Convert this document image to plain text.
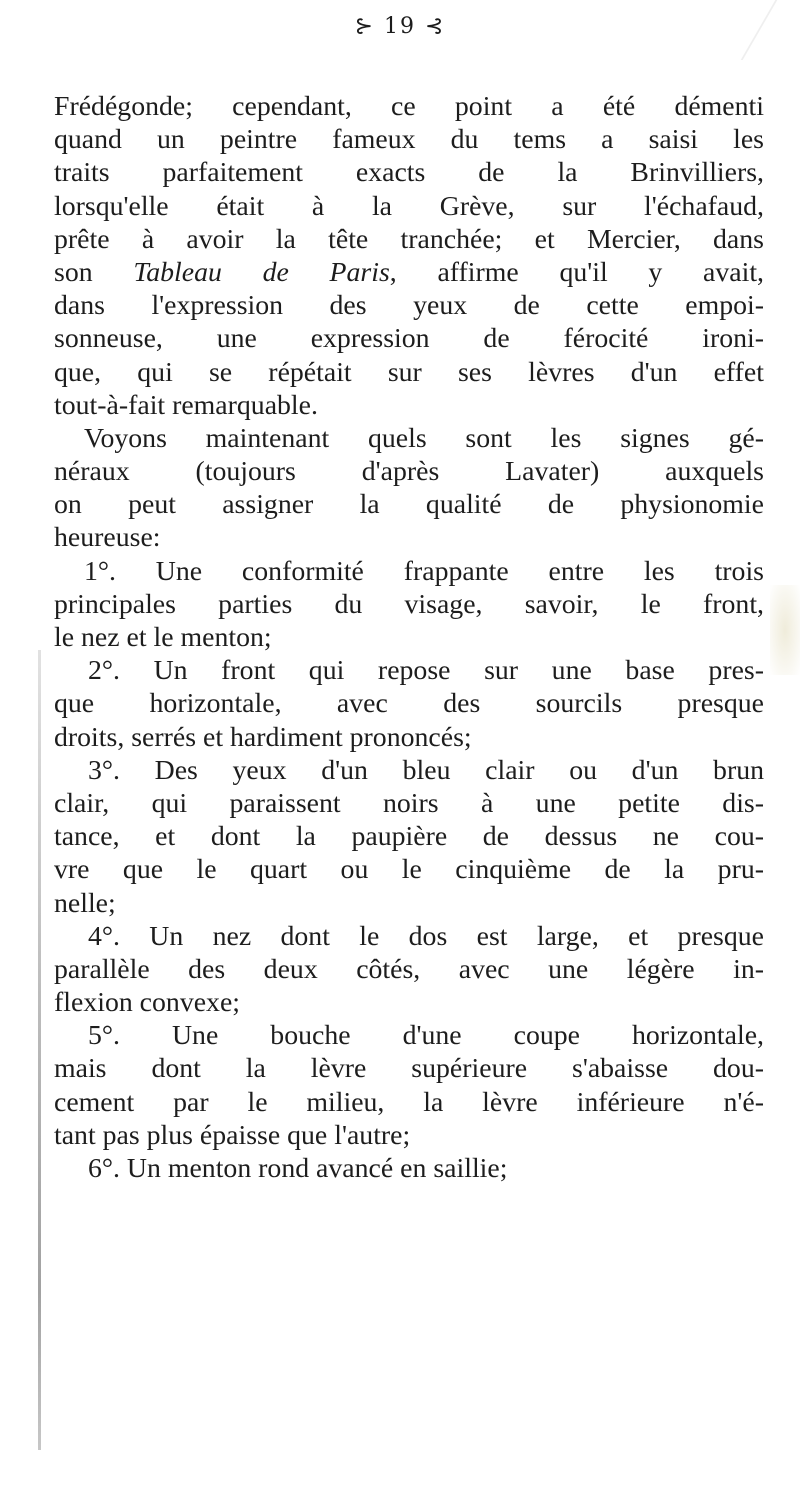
⊱ 19 ⊰
Frédégonde; cependant, ce point a été démenti
quand un peintre fameux du tems a saisi les
traits parfaitement exacts de la Brinvilliers,
lorsqu'elle était à la Grève, sur l'échafaud,
prête à avoir la tête tranchée; et Mercier, dans
son Tableau de Paris, affirme qu'il y avait,
dans l'expression des yeux de cette empoi-
sonneuse, une expression de férocité ironi-
que, qui se répétait sur ses lèvres d'un effet
tout-à-fait remarquable.
Voyons maintenant quels sont les signes gé-
néraux (toujours d'après Lavater) auxquels
on peut assigner la qualité de physionomie
heureuse:
1°. Une conformité frappante entre les trois
principales parties du visage, savoir, le front,
le nez et le menton;
2°. Un front qui repose sur une base pres-
que horizontale, avec des sourcils presque
droits, serrés et hardiment prononcés;
3°. Des yeux d'un bleu clair ou d'un brun
clair, qui paraissent noirs à une petite dis-
tance, et dont la paupière de dessus ne cou-
vre que le quart ou le cinquième de la pru-
nelle;
4°. Un nez dont le dos est large, et presque
parallèle des deux côtés, avec une légère in-
flexion convexe;
5°. Une bouche d'une coupe horizontale,
mais dont la lèvre supérieure s'abaisse dou-
cement par le milieu, la lèvre inférieure n'é-
tant pas plus épaisse que l'autre;
6°. Un menton rond avancé en saillie;
